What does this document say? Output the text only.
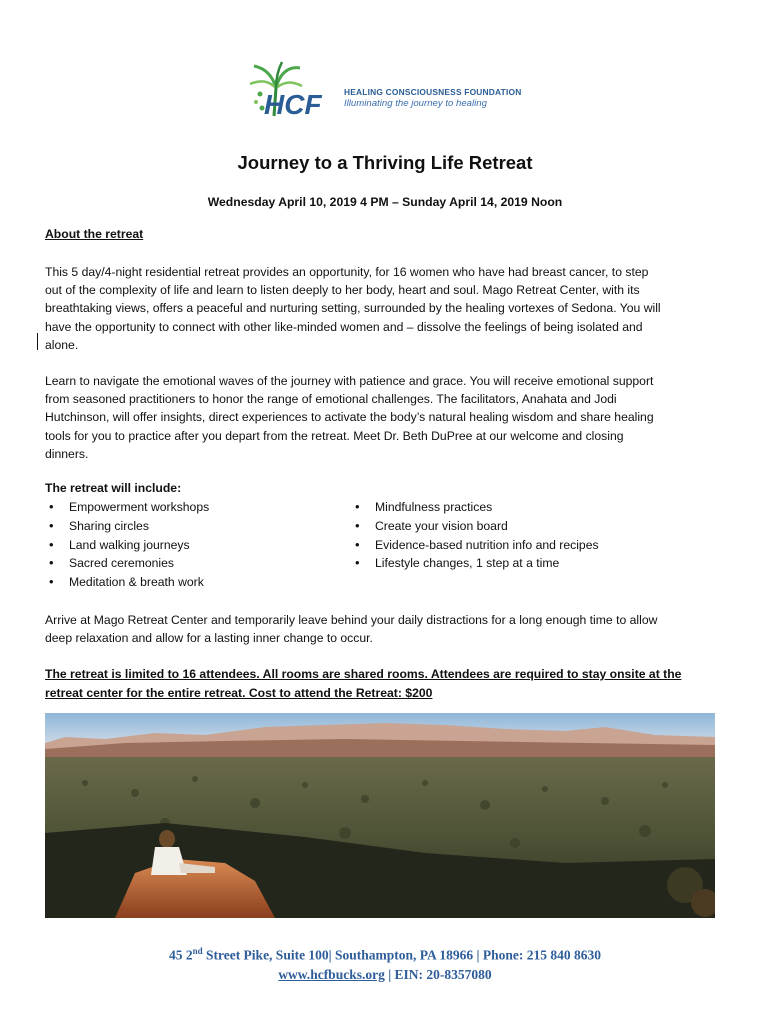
HCF	HEALING CONSCIOUSNESS FOUNDATION
Illuminating the journey to healing
Journey to a Thriving Life Retreat
Wednesday April 10, 2019 4 PM – Sunday April 14, 2019 Noon
About the retreat
This 5 day/4-night residential retreat provides an opportunity, for 16 women who have had breast cancer, to step
out of the complexity of life and learn to listen deeply to her body, heart and soul. Mago Retreat Center, with its
breathtaking views, offers a peaceful and nurturing setting, surrounded by the healing vortexes of Sedona. You will
have the opportunity to connect with other like-minded women and – dissolve the feelings of being isolated and
alone.
Learn to navigate the emotional waves of the journey with patience and grace. You will receive emotional support
from seasoned practitioners to honor the range of emotional challenges. The facilitators, Anahata and Jodi
Hutchinson, will offer insights, direct experiences to activate the body’s natural healing wisdom and share healing
tools for you to practice after you depart from the retreat. Meet Dr. Beth DuPree at our welcome and closing
dinners.
The retreat will include:
• Empowerment workshops
• Sharing circles
• Land walking journeys
• Sacred ceremonies
• Meditation & breath work
• Mindfulness practices
• Create your vision board
• Evidence-based nutrition info and recipes
• Lifestyle changes, 1 step at a time
Arrive at Mago Retreat Center and temporarily leave behind your daily distractions for a long enough time to allow
deep relaxation and allow for a lasting inner change to occur.
The retreat is limited to 16 attendees. All rooms are shared rooms. Attendees are required to stay onsite at the
retreat center for the entire retreat. Cost to attend the Retreat: $200
45 2nd Street Pike, Suite 100| Southampton, PA 18966 | Phone: 215 840 8630
www.hcfbucks.org | EIN: 20-8357080
